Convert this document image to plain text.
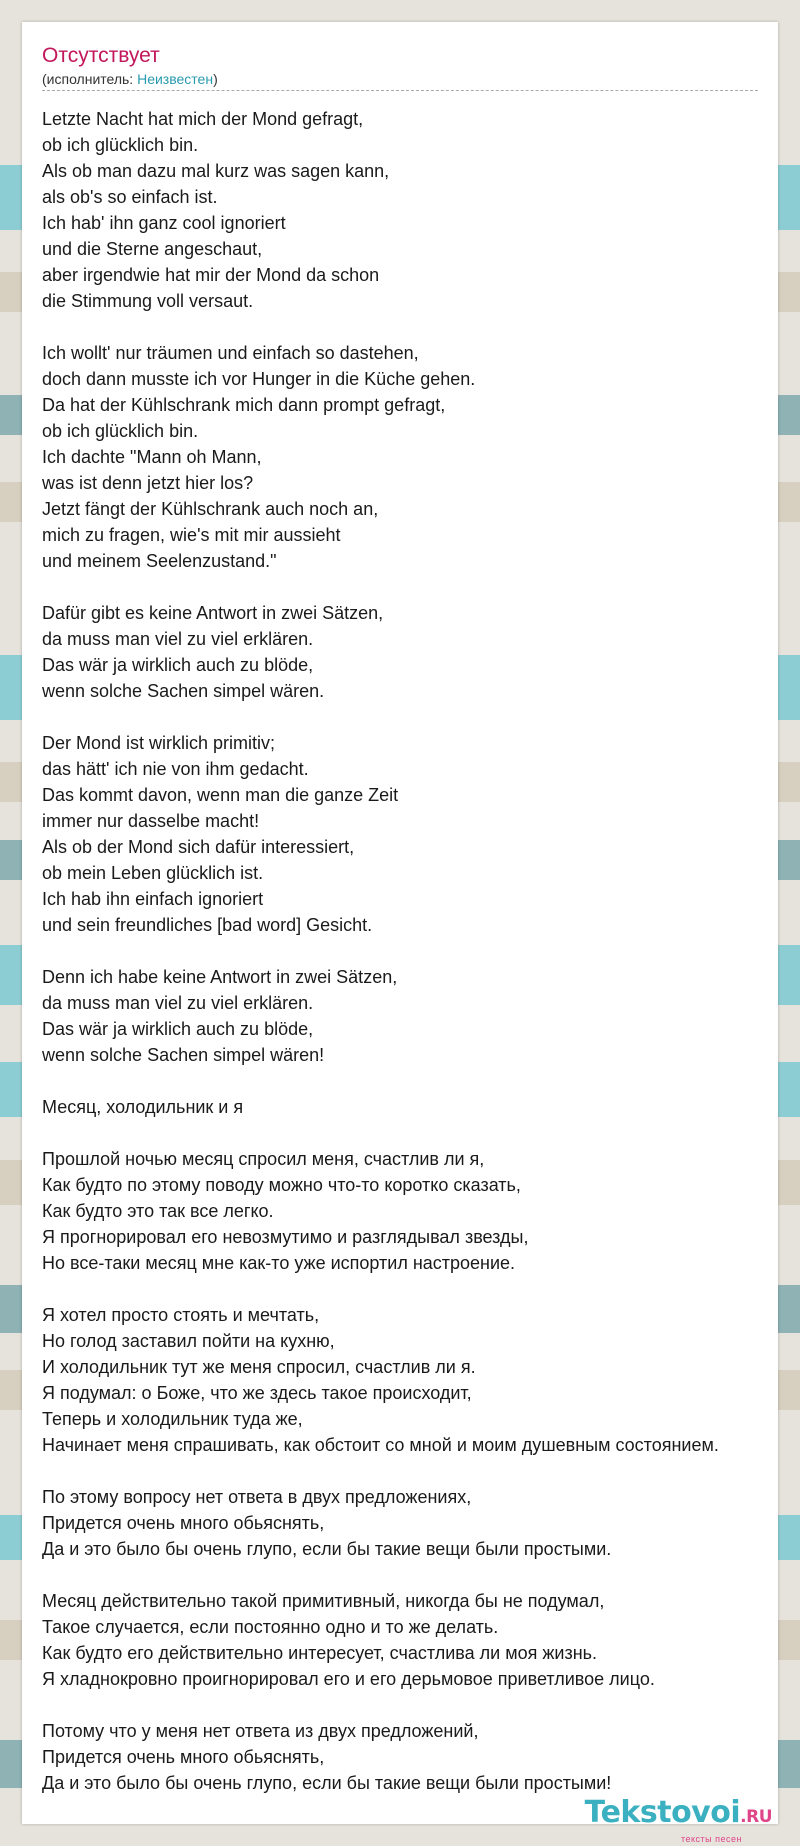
Отсутствует
(исполнитель: Неизвестен)
Letzte Nacht hat mich der Mond gefragt,
ob ich glücklich bin.
Als ob man dazu mal kurz was sagen kann,
als ob's so einfach ist.
Ich hab' ihn ganz cool ignoriert
und die Sterne angeschaut,
aber irgendwie hat mir der Mond da schon
die Stimmung voll versaut.
Ich wollt' nur träumen und einfach so dastehen,
doch dann musste ich vor Hunger in die Küche gehen.
Da hat der Kühlschrank mich dann prompt gefragt,
ob ich glücklich bin.
Ich dachte "Mann oh Mann,
was ist denn jetzt hier los?
Jetzt fängt der Kühlschrank auch noch an,
mich zu fragen, wie's mit mir aussieht
und meinem Seelenzustand."
Dafür gibt es keine Antwort in zwei Sätzen,
da muss man viel zu viel erklären.
Das wär ja wirklich auch zu blöde,
wenn solche Sachen simpel wären.
Der Mond ist wirklich primitiv;
das hätt' ich nie von ihm gedacht.
Das kommt davon, wenn man die ganze Zeit
immer nur dasselbe macht!
Als ob der Mond sich dafür interessiert,
ob mein Leben glücklich ist.
Ich hab ihn einfach ignoriert
und sein freundliches [bad word] Gesicht.
Denn ich habe keine Antwort in zwei Sätzen,
da muss man viel zu viel erklären.
Das wär ja wirklich auch zu blöde,
wenn solche Sachen simpel wären!
Месяц, холодильник и я
Прошлой ночью месяц спросил меня, счастлив ли я,
Как будто по этому поводу можно что-то коротко сказать,
Как будто это так все легко.
Я прогнорировал его невозмутимо и разглядывал звезды,
Но все-таки месяц мне как-то уже испортил настроение.
Я хотел просто стоять и мечтать,
Но голод заставил пойти на кухню,
И холодильник тут же меня спросил, счастлив ли я.
Я подумал: о Боже, что же здесь такое происходит,
Теперь и холодильник туда же,
Начинает меня спрашивать, как обстоит со мной и моим душевным состоянием.
По этому вопросу нет ответа в двух предложениях,
Придется очень много обьяснять,
Да и это было бы очень глупо, если бы такие вещи были простыми.
Месяц действительно такой примитивный, никогда бы не подумал,
Такое случается, если постоянно одно и то же делать.
Как будто его действительно интересует, счастлива ли моя жизнь.
Я хладнокровно проигнорировал его и его дерьмовое приветливое лицо.
Потому что у меня нет ответа из двух предложений,
Придется очень много обьяснять,
Да и это было бы очень глупо, если бы такие вещи были простыми!
Tekstovoi.RU
тексты песен
